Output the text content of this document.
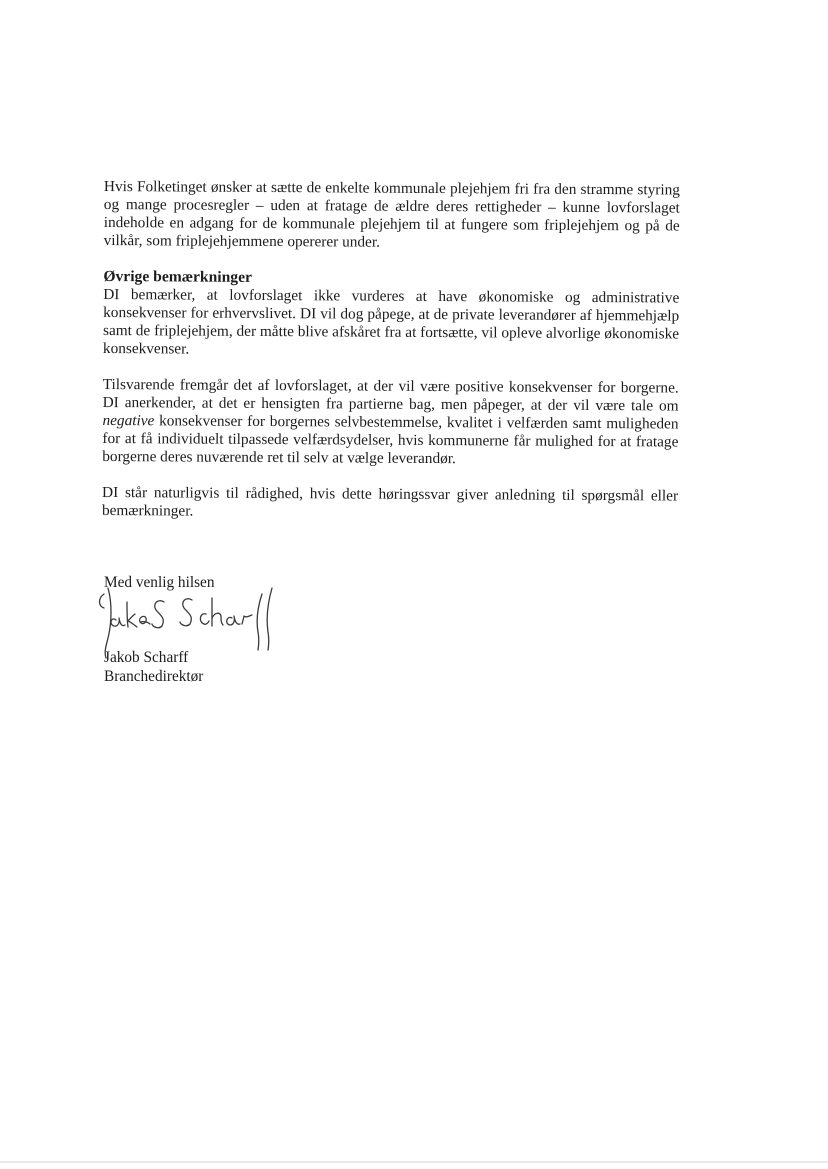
Hvis Folketinget ønsker at sætte de enkelte kommunale plejehjem fri fra den stramme styring og mange procesregler – uden at fratage de ældre deres rettigheder – kunne lovforslaget indeholde en adgang for de kommunale plejehjem til at fungere som friplejehjem og på de vilkår, som friplejehjemmene opererer under.

Øvrige bemærkninger

DI bemærker, at lovforslaget ikke vurderes at have økonomiske og administrative konsekvenser for erhvervslivet. DI vil dog påpege, at de private leverandører af hjemmehjælp samt de friplejehjem, der måtte blive afskåret fra at fortsætte, vil opleve alvorlige økonomiske konsekvenser.

Tilsvarende fremgår det af lovforslaget, at der vil være positive konsekvenser for borgerne. DI anerkender, at det er hensigten fra partierne bag, men påpeger, at der vil være tale om negative konsekvenser for borgernes selvbestemmelse, kvalitet i velfærden samt muligheden for at få individuelt tilpassede velfærdsydelser, hvis kommunerne får mulighed for at fratage borgerne deres nuværende ret til selv at vælge leverandør.

DI står naturligvis til rådighed, hvis dette høringssvar giver anledning til spørgsmål eller bemærkninger.

Med venlig hilsen
Jakob Scharff
Branchedirektør
